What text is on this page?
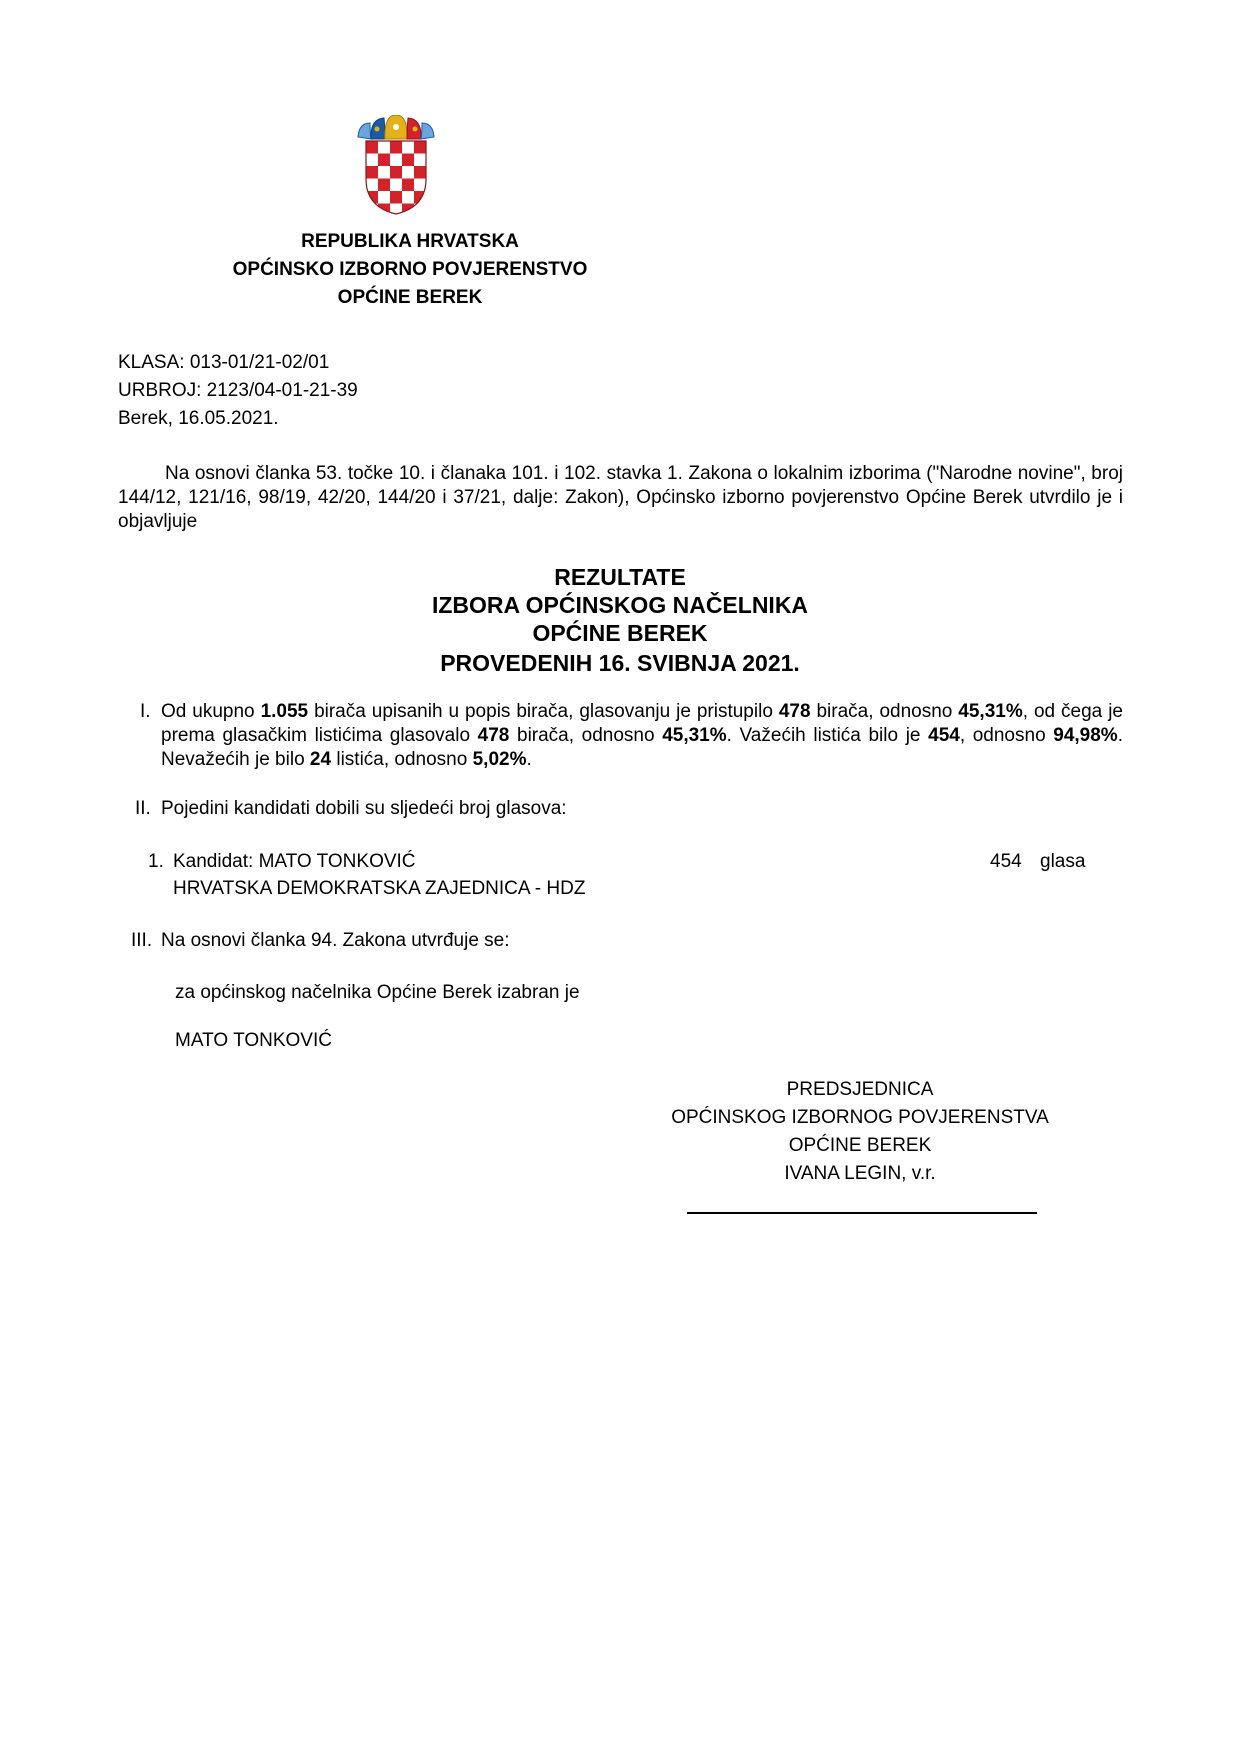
REPUBLIKA HRVATSKA
OPĆINSKO IZBORNO POVJERENSTVO
OPĆINE BEREK
KLASA: 013-01/21-02/01
URBROJ: 2123/04-01-21-39
Berek, 16.05.2021.
Na osnovi članka 53. točke 10. i članaka 101. i 102. stavka 1. Zakona o lokalnim izborima ("Narodne novine", broj 144/12, 121/16, 98/19, 42/20, 144/20 i 37/21, dalje: Zakon), Općinsko izborno povjerenstvo Općine Berek utvrdilo je i objavljuje
REZULTATE
IZBORA OPĆINSKOG NAČELNIKA
OPĆINE BEREK
PROVEDENIH 16. SVIBNJA 2021.
I. Od ukupno 1.055 birača upisanih u popis birača, glasovanju je pristupilo 478 birača, odnosno 45,31%, od čega je prema glasačkim listićima glasovalo 478 birača, odnosno 45,31%. Važećih listića bilo je 454, odnosno 94,98%. Nevažećih je bilo 24 listića, odnosno 5,02%.
II. Pojedini kandidati dobili su sljedeći broj glasova:
1. Kandidat: MATO TONKOVIĆ	454 glasa
HRVATSKA DEMOKRATSKA ZAJEDNICA - HDZ
III. Na osnovi članka 94. Zakona utvrđuje se:
za općinskog načelnika Općine Berek izabran je
MATO TONKOVIĆ
PREDSJEDNICA
OPĆINSKOG IZBORNOG POVJERENSTVA
OPĆINE BEREK
IVANA LEGIN, v.r.
